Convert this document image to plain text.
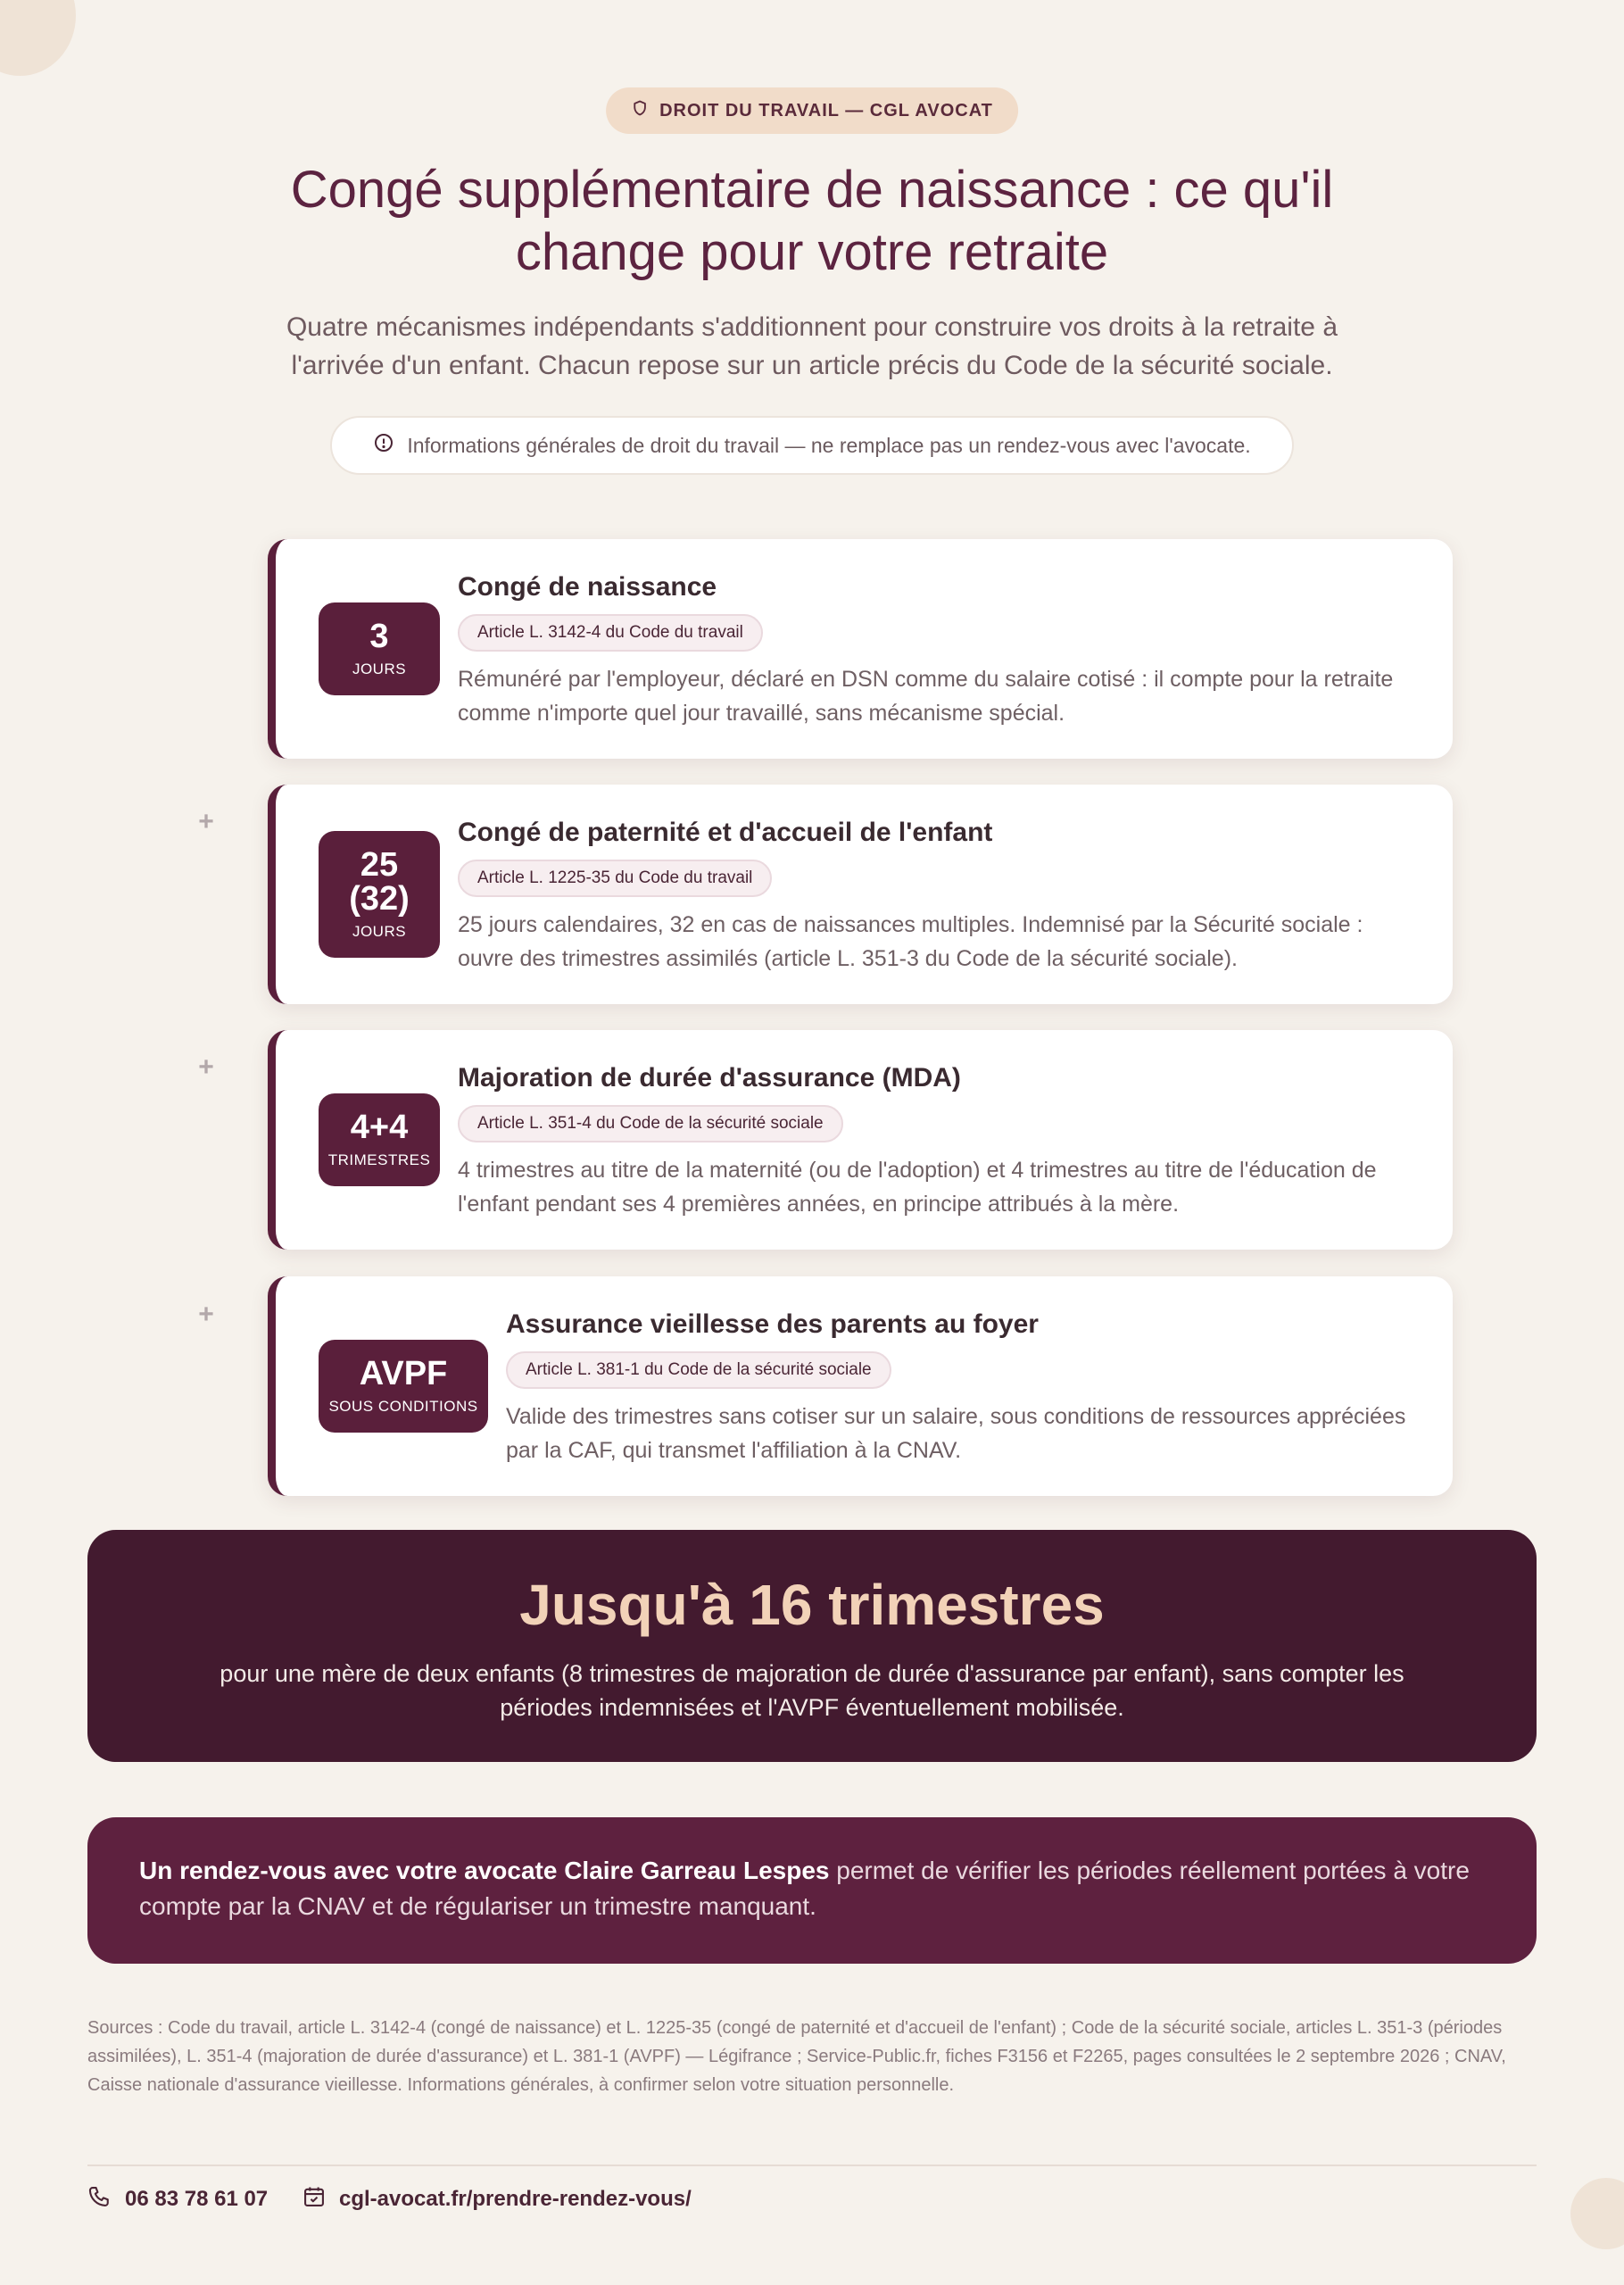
DROIT DU TRAVAIL — CGL AVOCAT
Congé supplémentaire de naissance : ce qu'il
change pour votre retraite

Quatre mécanismes indépendants s'additionnent pour construire vos droits à la retraite à l'arrivée d'un enfant. Chacun repose sur un article précis du Code de la sécurité sociale.

Informations générales de droit du travail — ne remplace pas un rendez-vous avec l'avocate.
3
JOURS
Congé de naissance
Article L. 3142-4 du Code du travail
Rémunéré par l'employeur, déclaré en DSN comme du salaire cotisé : il compte pour la retraite comme n'importe quel jour travaillé, sans mécanisme spécial.
+
25 (32)
JOURS
Congé de paternité et d'accueil de l'enfant
Article L. 1225-35 du Code du travail
25 jours calendaires, 32 en cas de naissances multiples. Indemnisé par la Sécurité sociale : ouvre des trimestres assimilés (article L. 351-3 du Code de la sécurité sociale).
+
4+4
TRIMESTRES
Majoration de durée d'assurance (MDA)
Article L. 351-4 du Code de la sécurité sociale
4 trimestres au titre de la maternité (ou de l'adoption) et 4 trimestres au titre de l'éducation de l'enfant pendant ses 4 premières années, en principe attribués à la mère.
+
AVPF
SOUS CONDITIONS
Assurance vieillesse des parents au foyer
Article L. 381-1 du Code de la sécurité sociale
Valide des trimestres sans cotiser sur un salaire, sous conditions de ressources appréciées par la CAF, qui transmet l'affiliation à la CNAV.
Jusqu'à 16 trimestres
pour une mère de deux enfants (8 trimestres de majoration de durée d'assurance par enfant), sans compter les périodes indemnisées et l'AVPF éventuellement mobilisée.
Un rendez-vous avec votre avocate Claire Garreau Lespes permet de vérifier les périodes réellement portées à votre compte par la CNAV et de régulariser un trimestre manquant.

Sources : Code du travail, article L. 3142-4 (congé de naissance) et L. 1225-35 (congé de paternité et d'accueil de l'enfant) ; Code de la sécurité sociale, articles L. 351-3 (périodes assimilées), L. 351-4 (majoration de durée d'assurance) et L. 381-1 (AVPF) — Légifrance ; Service-Public.fr, fiches F3156 et F2265, pages consultées le 2 septembre 2026 ; CNAV, Caisse nationale d'assurance vieillesse. Informations générales, à confirmer selon votre situation personnelle.

06 83 78 61 07	cgl-avocat.fr/prendre-rendez-vous/
